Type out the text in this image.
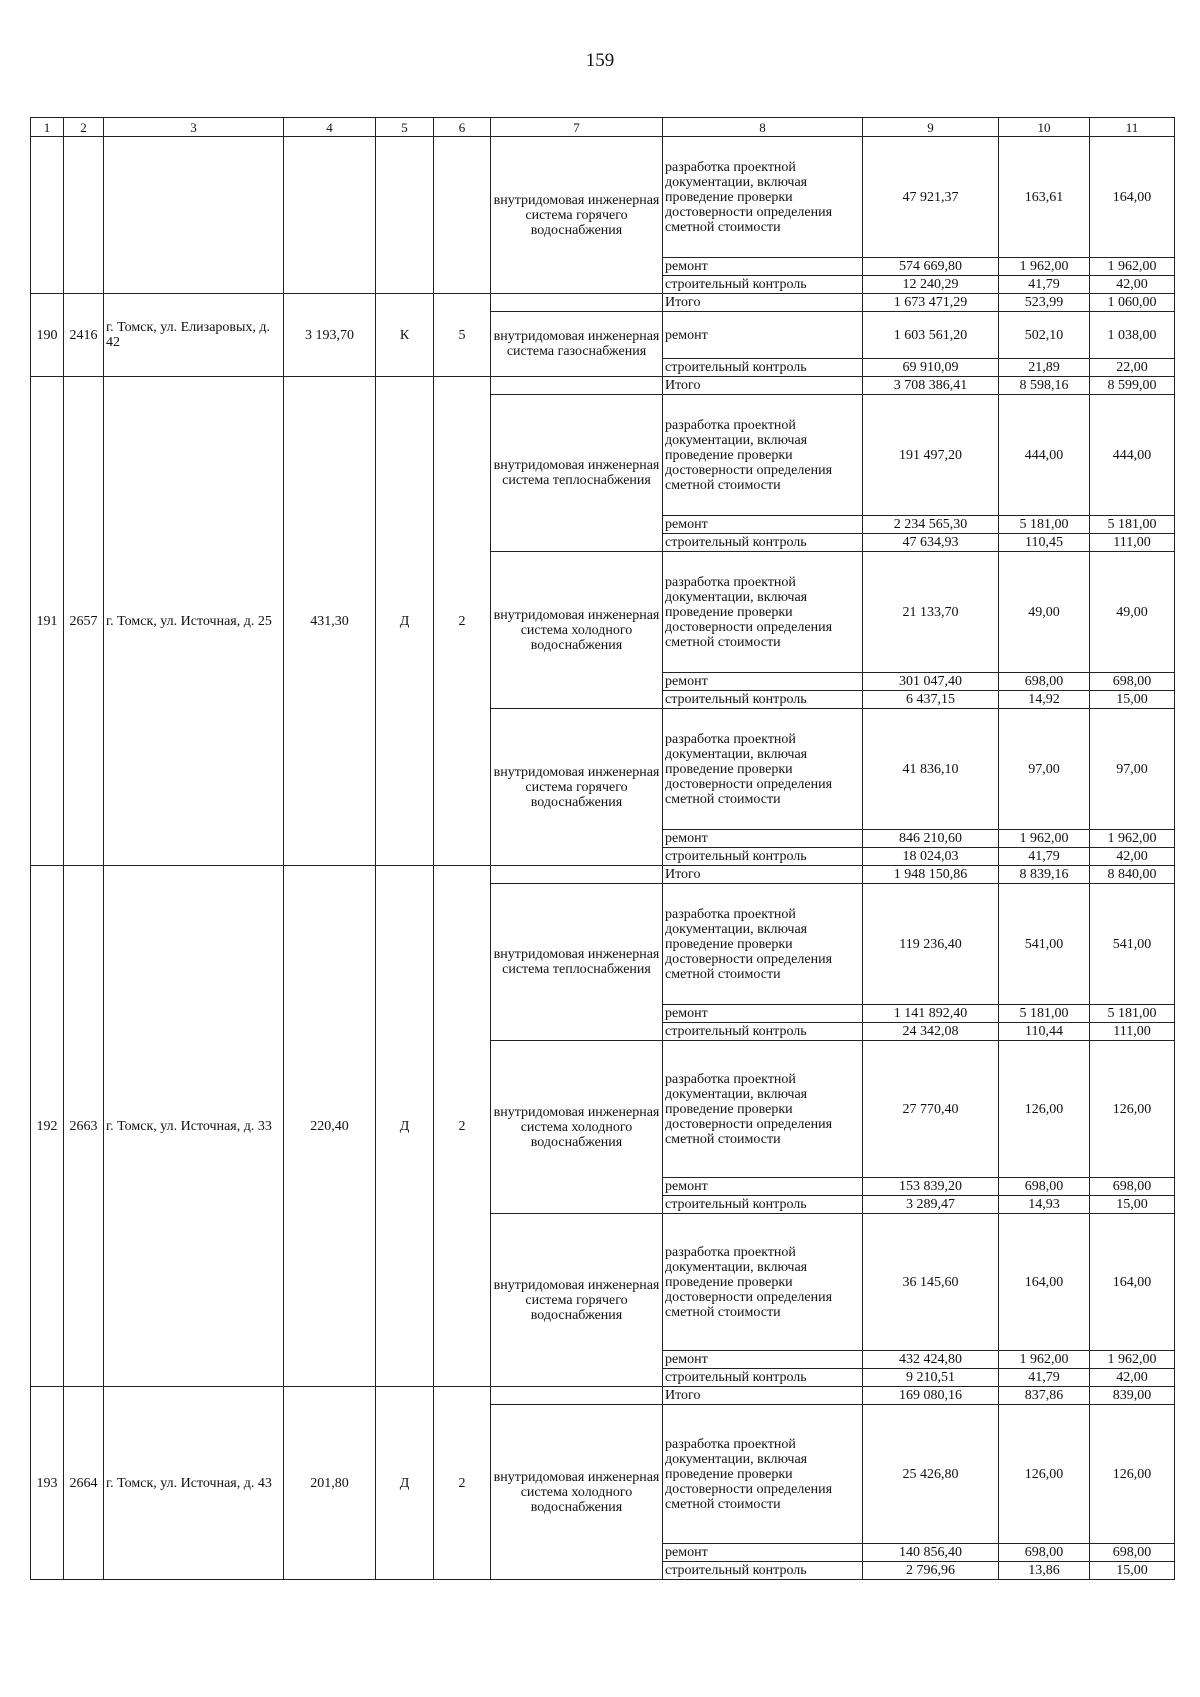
159
1	2	3	4	5	6	7	8	9	10	11
						внутридомовая инженерная система горячего водоснабжения	разработка проектной документации, включая проведение проверки достоверности определения сметной стоимости	47 921,37	163,61	164,00
							ремонт	574 669,80	1 962,00	1 962,00
							строительный контроль	12 240,29	41,79	42,00
190	2416	г. Томск, ул. Елизаровых, д. 42	3 193,70	К	5		Итого	1 673 471,29	523,99	1 060,00
						внутридомовая инженерная система газоснабжения	ремонт	1 603 561,20	502,10	1 038,00
							строительный контроль	69 910,09	21,89	22,00
191	2657	г. Томск, ул. Источная, д. 25	431,30	Д	2		Итого	3 708 386,41	8 598,16	8 599,00
						внутридомовая инженерная система теплоснабжения	разработка проектной документации, включая проведение проверки достоверности определения сметной стоимости	191 497,20	444,00	444,00
							ремонт	2 234 565,30	5 181,00	5 181,00
							строительный контроль	47 634,93	110,45	111,00
						внутридомовая инженерная система холодного водоснабжения	разработка проектной документации, включая проведение проверки достоверности определения сметной стоимости	21 133,70	49,00	49,00
							ремонт	301 047,40	698,00	698,00
							строительный контроль	6 437,15	14,92	15,00
						внутридомовая инженерная система горячего водоснабжения	разработка проектной документации, включая проведение проверки достоверности определения сметной стоимости	41 836,10	97,00	97,00
							ремонт	846 210,60	1 962,00	1 962,00
							строительный контроль	18 024,03	41,79	42,00
192	2663	г. Томск, ул. Источная, д. 33	220,40	Д	2		Итого	1 948 150,86	8 839,16	8 840,00
						внутридомовая инженерная система теплоснабжения	разработка проектной документации, включая проведение проверки достоверности определения сметной стоимости	119 236,40	541,00	541,00
							ремонт	1 141 892,40	5 181,00	5 181,00
							строительный контроль	24 342,08	110,44	111,00
						внутридомовая инженерная система холодного водоснабжения	разработка проектной документации, включая проведение проверки достоверности определения сметной стоимости	27 770,40	126,00	126,00
							ремонт	153 839,20	698,00	698,00
							строительный контроль	3 289,47	14,93	15,00
						внутридомовая инженерная система горячего водоснабжения	разработка проектной документации, включая проведение проверки достоверности определения сметной стоимости	36 145,60	164,00	164,00
							ремонт	432 424,80	1 962,00	1 962,00
							строительный контроль	9 210,51	41,79	42,00
193	2664	г. Томск, ул. Источная, д. 43	201,80	Д	2		Итого	169 080,16	837,86	839,00
						внутридомовая инженерная система холодного водоснабжения	разработка проектной документации, включая проведение проверки достоверности определения сметной стоимости	25 426,80	126,00	126,00
							ремонт	140 856,40	698,00	698,00
							строительный контроль	2 796,96	13,86	15,00
